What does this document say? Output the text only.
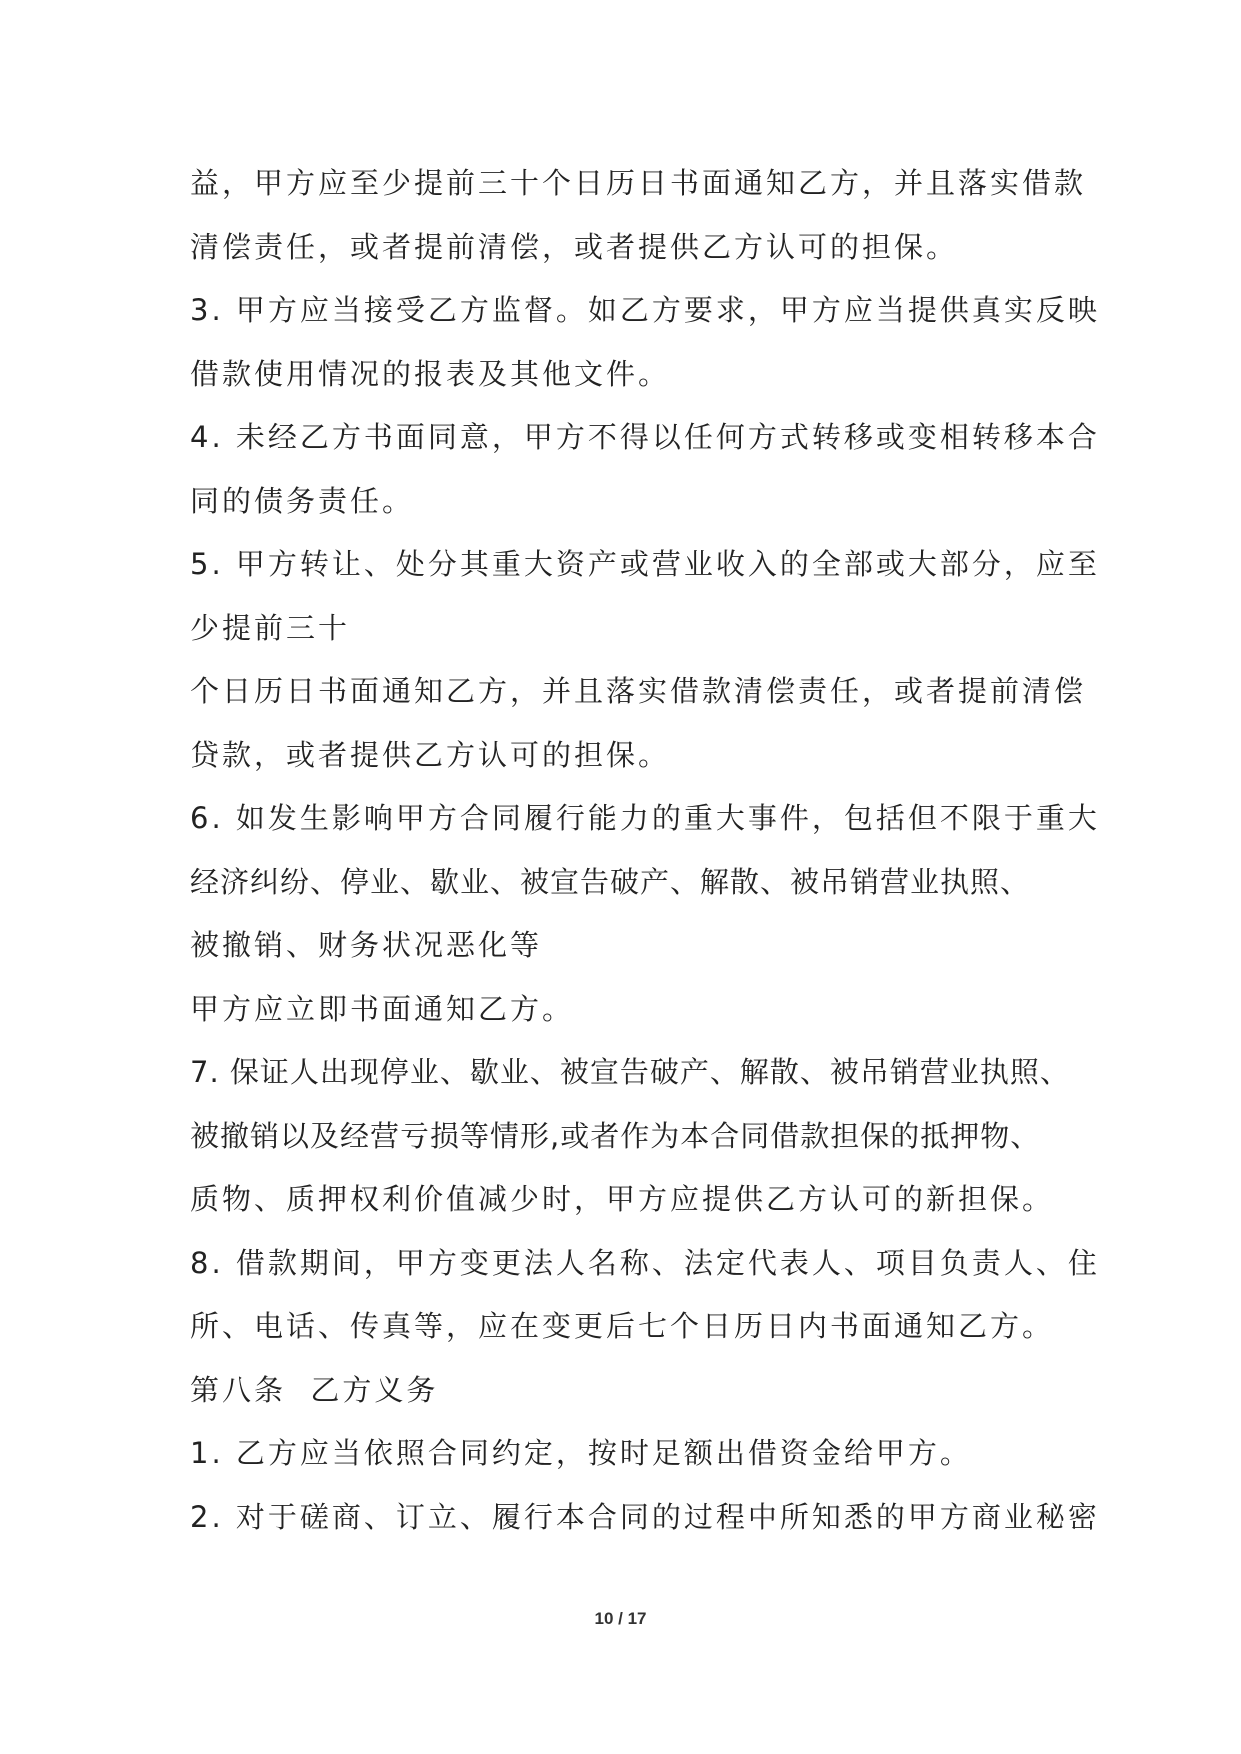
益，甲方应至少提前三十个日历日书面通知乙方，并且落实借款
清偿责任，或者提前清偿，或者提供乙方认可的担保。
3. 甲方应当接受乙方监督。如乙方要求，甲方应当提供真实反映
借款使用情况的报表及其他文件。
4. 未经乙方书面同意，甲方不得以任何方式转移或变相转移本合
同的债务责任。
5. 甲方转让、处分其重大资产或营业收入的全部或大部分，应至
少提前三十
个日历日书面通知乙方，并且落实借款清偿责任，或者提前清偿
贷款，或者提供乙方认可的担保。
6. 如发生影响甲方合同履行能力的重大事件，包括但不限于重大
经济纠纷、停业、歇业、被宣告破产、解散、被吊销营业执照、
被撤销、财务状况恶化等
甲方应立即书面通知乙方。
7. 保证人出现停业、歇业、被宣告破产、解散、被吊销营业执照、
被撤销以及经营亏损等情形,或者作为本合同借款担保的抵押物、
质物、质押权利价值减少时，甲方应提供乙方认可的新担保。
8. 借款期间，甲方变更法人名称、法定代表人、项目负责人、住
所、电话、传真等，应在变更后七个日历日内书面通知乙方。
第八条  乙方义务
1. 乙方应当依照合同约定，按时足额出借资金给甲方。
2. 对于磋商、订立、履行本合同的过程中所知悉的甲方商业秘密
10 / 17
